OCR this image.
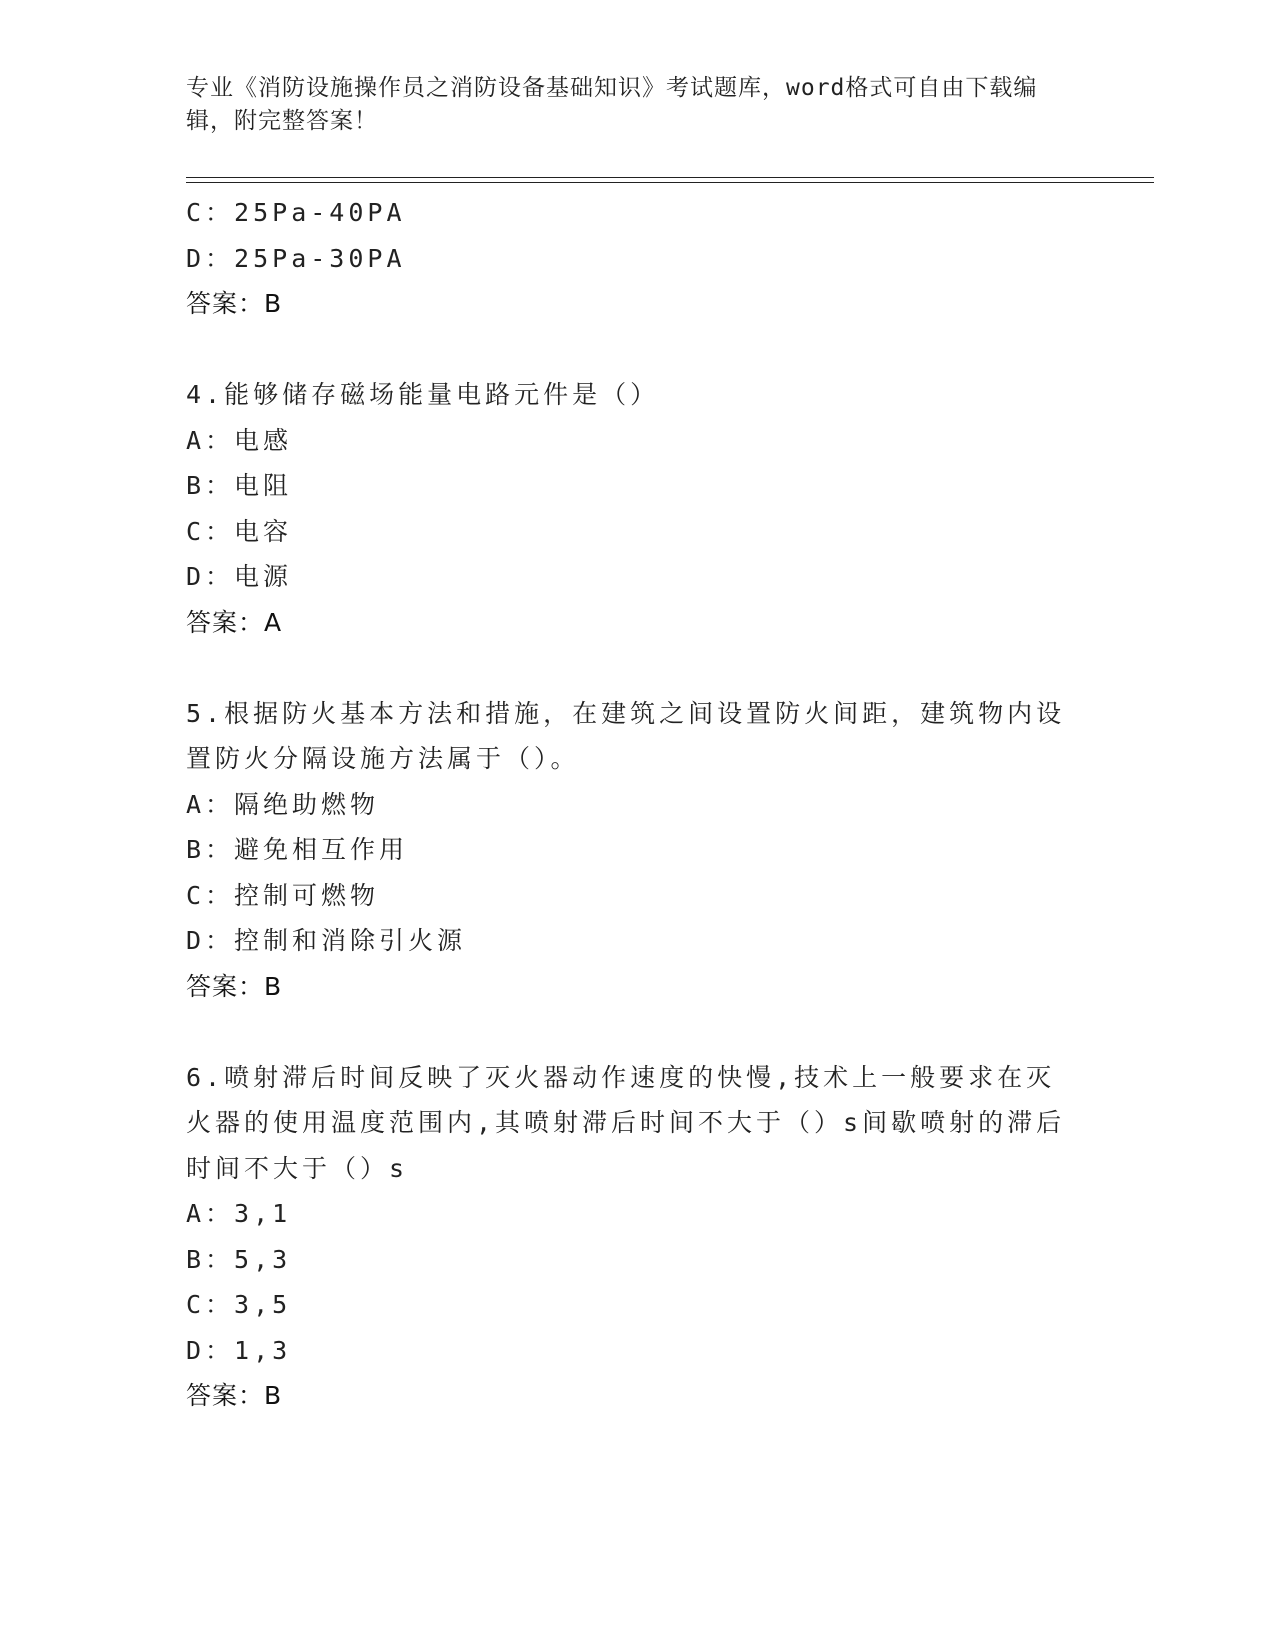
专业《消防设施操作员之消防设备基础知识》考试题库，word格式可自由下载编辑，附完整答案！
C：25Pa-40PA
D：25Pa-30PA
答案：B
4.能够储存磁场能量电路元件是（）
A：电感
B：电阻
C：电容
D：电源
答案：A
5.根据防火基本方法和措施，在建筑之间设置防火间距，建筑物内设置防火分隔设施方法属于（）。
A：隔绝助燃物
B：避免相互作用
C：控制可燃物
D：控制和消除引火源
答案：B
6.喷射滞后时间反映了灭火器动作速度的快慢,技术上一般要求在灭火器的使用温度范围内,其喷射滞后时间不大于（）s间歇喷射的滞后时间不大于（）s
A：3,1
B：5,3
C：3,5
D：1,3
答案：B
